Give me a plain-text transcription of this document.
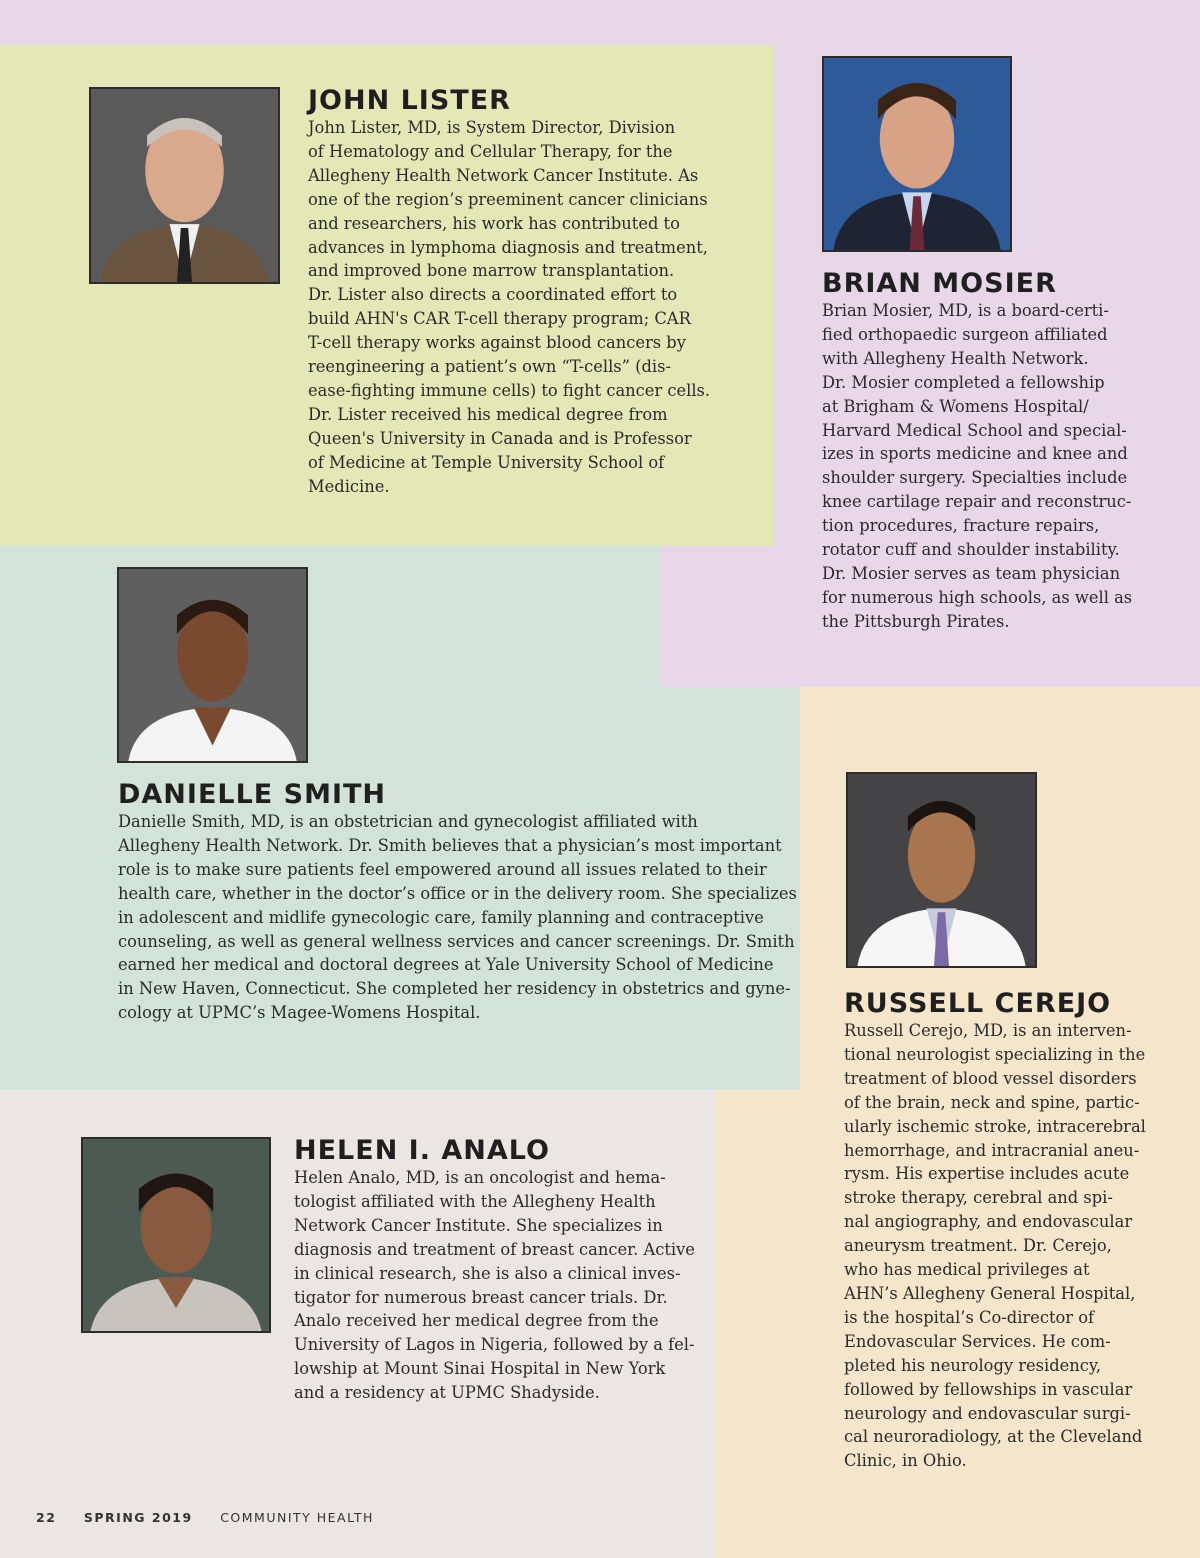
JOHN LISTER
John Lister, MD, is System Director, Division
of Hematology and Cellular Therapy, for the
Allegheny Health Network Cancer Institute. As
one of the region’s preeminent cancer clinicians
and researchers, his work has contributed to
advances in lymphoma diagnosis and treatment,
and improved bone marrow transplantation.
Dr. Lister also directs a coordinated effort to
build AHN's CAR T-cell therapy program; CAR
T-cell therapy works against blood cancers by
reengineering a patient’s own “T-cells” (dis-
ease-fighting immune cells) to fight cancer cells.
Dr. Lister received his medical degree from
Queen's University in Canada and is Professor
of Medicine at Temple University School of
Medicine.
BRIAN MOSIER
Brian Mosier, MD, is a board-certi-
fied orthopaedic surgeon affiliated
with Allegheny Health Network.
Dr. Mosier completed a fellowship
at Brigham & Womens Hospital/
Harvard Medical School and special-
izes in sports medicine and knee and
shoulder surgery. Specialties include
knee cartilage repair and reconstruc-
tion procedures, fracture repairs,
rotator cuff and shoulder instability.
Dr. Mosier serves as team physician
for numerous high schools, as well as
the Pittsburgh Pirates.
DANIELLE SMITH
Danielle Smith, MD, is an obstetrician and gynecologist affiliated with
Allegheny Health Network. Dr. Smith believes that a physician’s most important
role is to make sure patients feel empowered around all issues related to their
health care, whether in the doctor’s office or in the delivery room. She specializes
in adolescent and midlife gynecologic care, family planning and contraceptive
counseling, as well as general wellness services and cancer screenings. Dr. Smith
earned her medical and doctoral degrees at Yale University School of Medicine
in New Haven, Connecticut. She completed her residency in obstetrics and gyne-
cology at UPMC’s Magee-Womens Hospital.	RUSSELL CEREJO
Russell Cerejo, MD, is an interven-
tional neurologist specializing in the
treatment of blood vessel disorders
of the brain, neck and spine, partic-
ularly ischemic stroke, intracerebral
hemorrhage, and intracranial aneu-
rysm. His expertise includes acute
stroke therapy, cerebral and spi-
nal angiography, and endovascular
aneurysm treatment. Dr. Cerejo,
who has medical privileges at
AHN’s Allegheny General Hospital,
is the hospital’s Co-director of
Endovascular Services. He com-
pleted his neurology residency,
followed by fellowships in vascular
neurology and endovascular surgi-
cal neuroradiology, at the Cleveland
Clinic, in Ohio.
HELEN I. ANALO
Helen Analo, MD, is an oncologist and hema-
tologist affiliated with the Allegheny Health
Network Cancer Institute. She specializes in
diagnosis and treatment of breast cancer. Active
in clinical research, she is also a clinical inves-
tigator for numerous breast cancer trials. Dr.
Analo received her medical degree from the
University of Lagos in Nigeria, followed by a fel-
lowship at Mount Sinai Hospital in New York
and a residency at UPMC Shadyside.
22 SPRING 2019 COMMUNITY HEALTH
